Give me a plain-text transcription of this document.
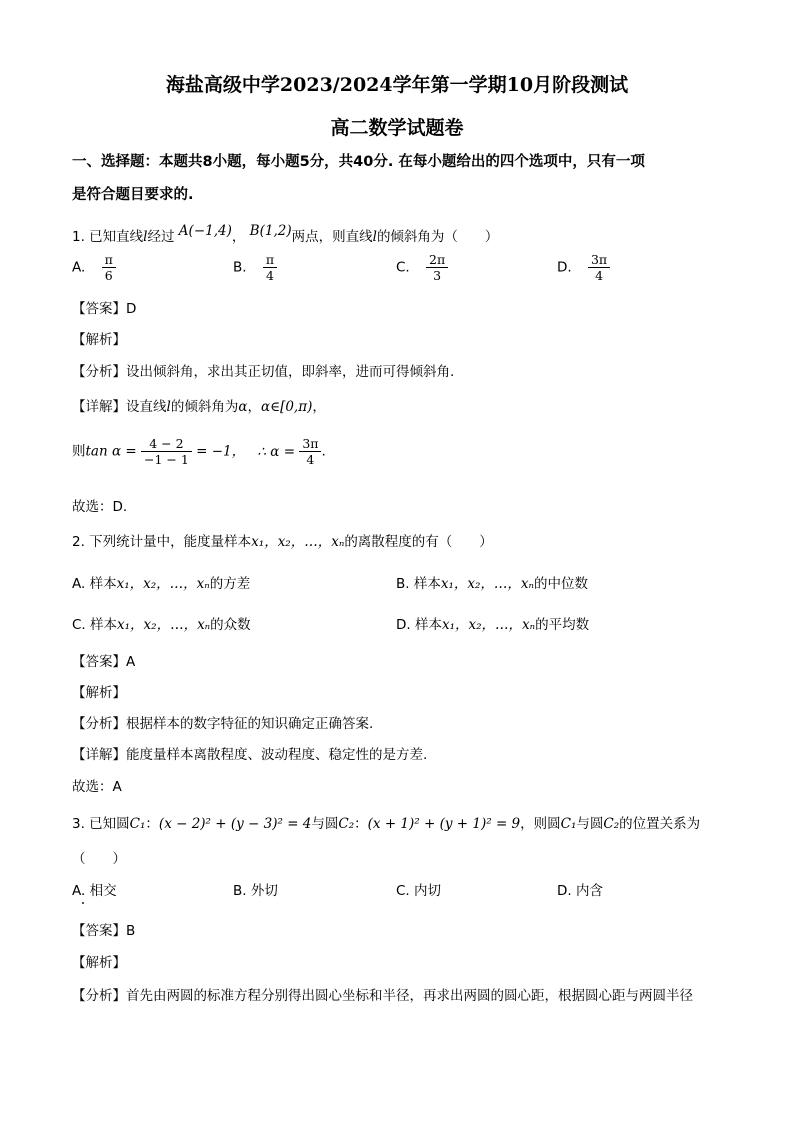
海盐高级中学2023/2024学年第一学期10月阶段测试
高二数学试题卷
一、选择题：本题共8小题，每小题5分，共40分. 在每小题给出的四个选项中，只有一项
是符合题目要求的.
1. 已知直线l经过 A(−1,4)， B(1,2)两点，则直线l的倾斜角为（　　）
A. $\frac{\pi}{6}$	B. $\frac{\pi}{4}$	C. $\frac{2\pi}{3}$	D. $\frac{3\pi}{4}$
【答案】D
【解析】
【分析】设出倾斜角，求出其正切值，即斜率，进而可得倾斜角.
【详解】设直线l的倾斜角为α，α∈[0,π)，
则$\tan \alpha = \frac{4 - 2}{-1 - 1} = -1$， ∴ $\alpha = \frac{3\pi}{4}$ .
故选：D.
2. 下列统计量中，能度量样本x₁，x₂，…，xₙ的离散程度的有（　　）
A. 样本x₁，x₂，…，xₙ的方差	B. 样本x₁，x₂，…，xₙ的中位数
C. 样本x₁，x₂，…，xₙ的众数	D. 样本x₁，x₂，…，xₙ的平均数
【答案】A
【解析】
【分析】根据样本的数字特征的知识确定正确答案.
【详解】能度量样本离散程度、波动程度、稳定性的是方差.
故选：A
3. 已知圆C₁：(x − 2)² + (y − 3)² = 4与圆C₂：(x + 1)² + (y + 1)² = 9，则圆C₁与圆C₂的位置关系为
（　　）
A. 相交	B. 外切	C. 内切	D. 内含
【答案】B
【解析】
【分析】首先由两圆的标准方程分别得出圆心坐标和半径，再求出两圆的圆心距，根据圆心距与两圆半径
